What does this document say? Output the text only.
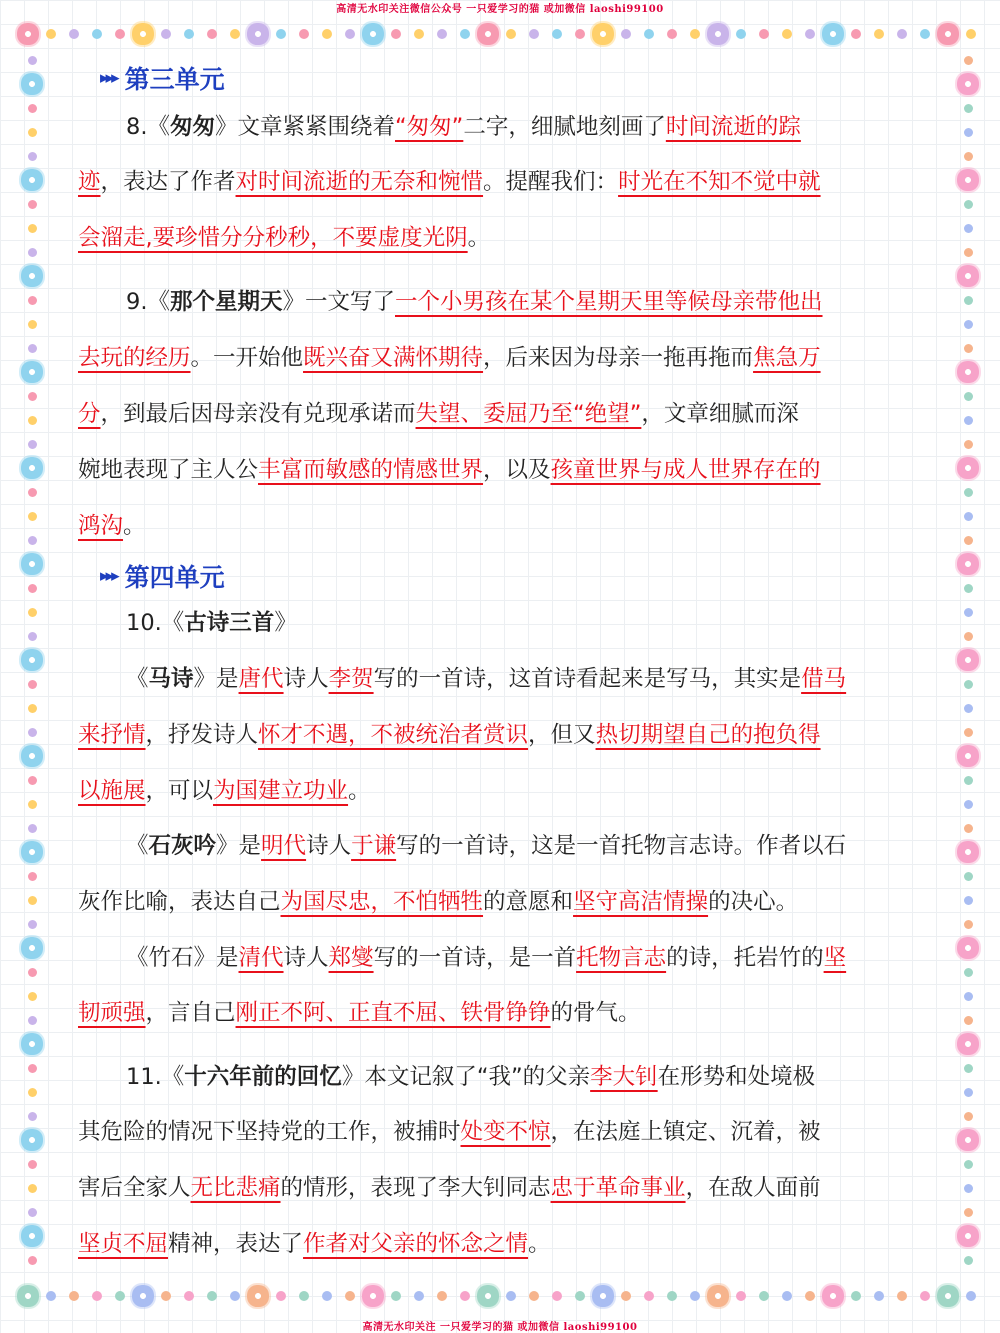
高清无水印关注微信公众号 一只爱学习的猫 或加微信 laoshi99100
▸▸▸ 第三单元
▸▸▸ 第四单元
8.《匆匆》文章紧紧围绕着“匆匆”二字，细腻地刻画了时间流逝的踪
迹，表达了作者对时间流逝的无奈和惋惜。提醒我们：时光在不知不觉中就
会溜走,要珍惜分分秒秒，不要虚度光阴。
9.《那个星期天》一文写了一个小男孩在某个星期天里等候母亲带他出
去玩的经历。一开始他既兴奋又满怀期待，后来因为母亲一拖再拖而焦急万
分，到最后因母亲没有兑现承诺而失望、委屈乃至“绝望”，文章细腻而深
婉地表现了主人公丰富而敏感的情感世界，以及孩童世界与成人世界存在的
鸿沟。
10.《古诗三首》
《马诗》是唐代诗人李贺写的一首诗，这首诗看起来是写马，其实是借马
来抒情，抒发诗人怀才不遇，不被统治者赏识，但又热切期望自己的抱负得
以施展，可以为国建立功业。
《石灰吟》是明代诗人于谦写的一首诗，这是一首托物言志诗。作者以石
灰作比喻，表达自己为国尽忠，不怕牺牲的意愿和坚守高洁情操的决心。
《竹石》是清代诗人郑燮写的一首诗，是一首托物言志的诗，托岩竹的坚
韧顽强，言自己刚正不阿、正直不屈、铁骨铮铮的骨气。
11.《十六年前的回忆》本文记叙了“我”的父亲李大钊在形势和处境极
其危险的情况下坚持党的工作，被捕时处变不惊，在法庭上镇定、沉着，被
害后全家人无比悲痛的情形，表现了李大钊同志忠于革命事业，在敌人面前
坚贞不屈精神，表达了作者对父亲的怀念之情。
高清无水印关注 一只爱学习的猫 或加微信 laoshi99100
